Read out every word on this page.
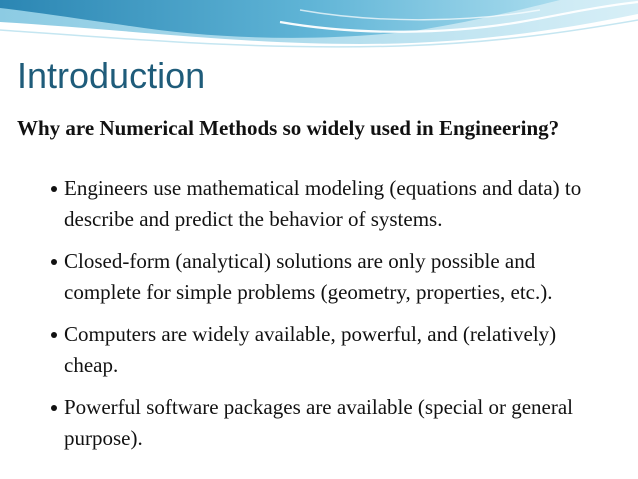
Introduction

Why are Numerical Methods so widely used in Engineering?

Engineers use mathematical modeling (equations and data) to describe and predict the behavior of systems.
Closed-form (analytical) solutions are only possible and complete for simple problems (geometry, properties, etc.).
Computers are widely available, powerful, and (relatively) cheap.
Powerful software packages are available (special or general purpose).
